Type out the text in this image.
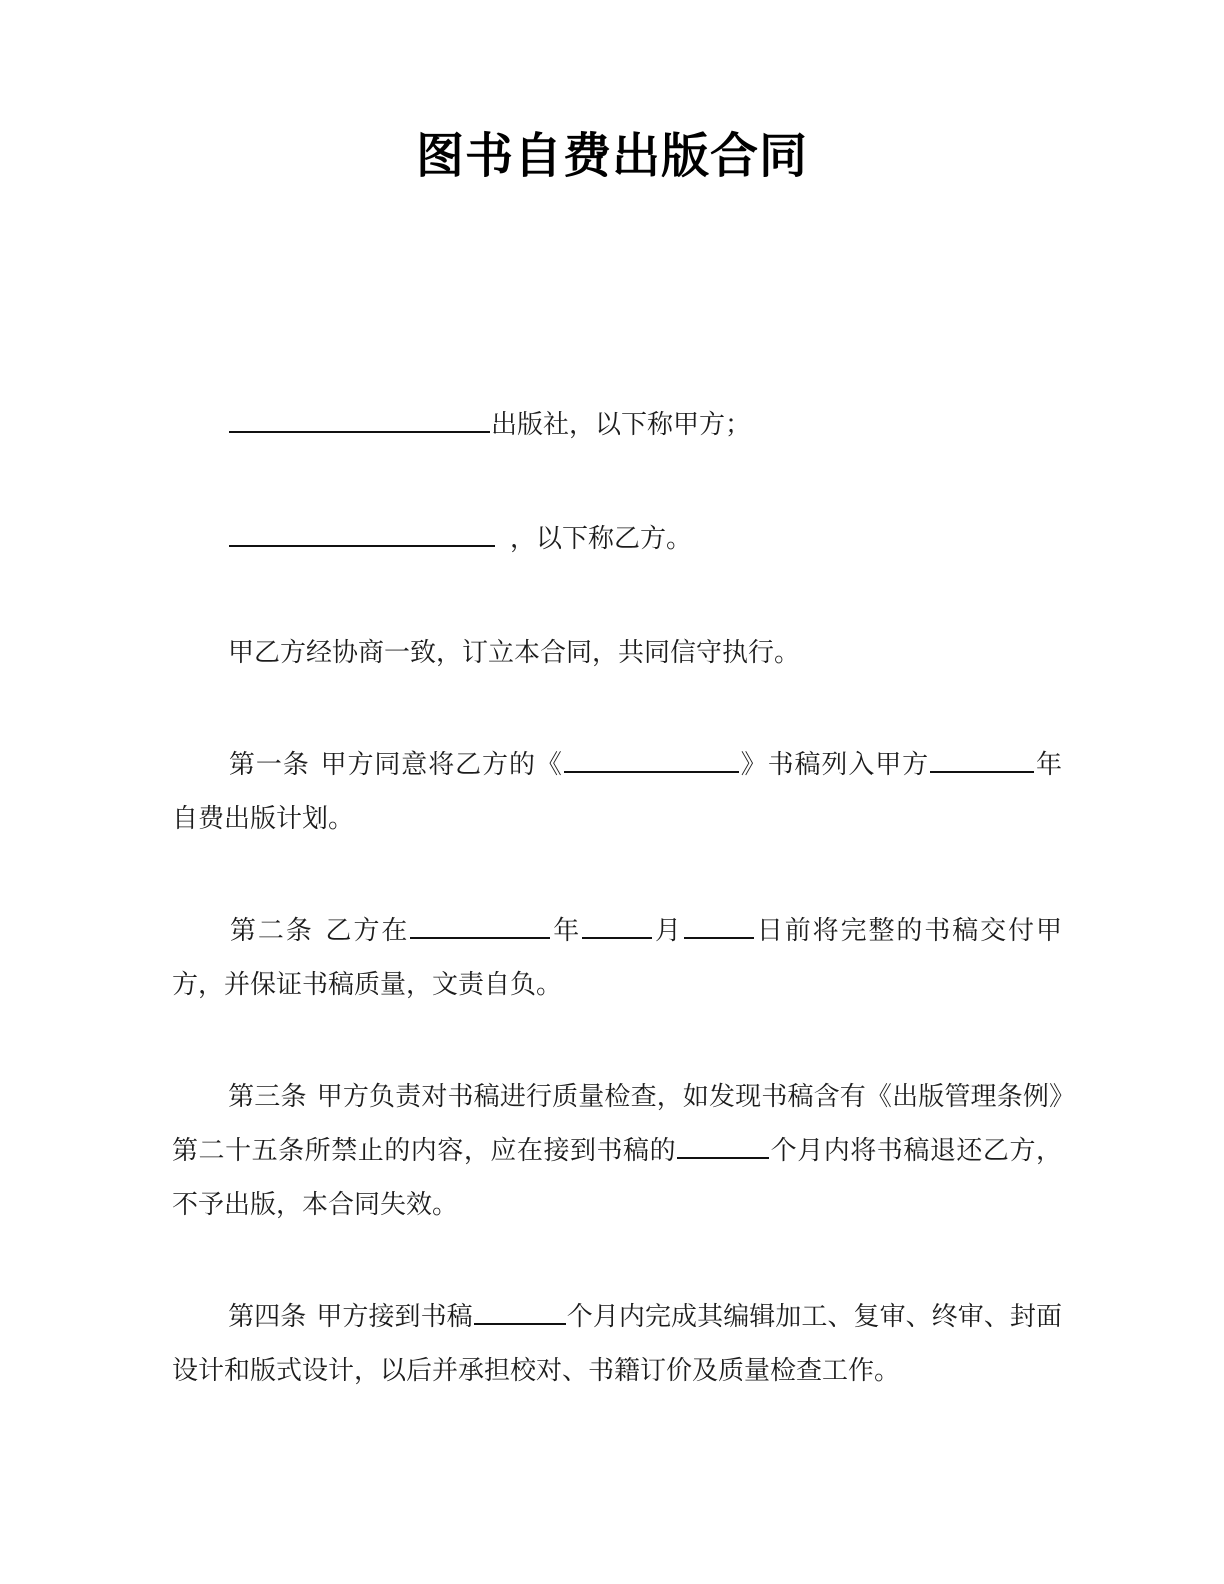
图书自费出版合同

出版社，以下称甲方；

，以下称乙方。

甲乙方经协商一致，订立本合同，共同信守执行。

第一条 甲方同意将乙方的《	》书稿列入甲方	年自费出版计划。

第二条 乙方在	年	月	日前将完整的书稿交付甲方，并保证书稿质量，文责自负。

第三条 甲方负责对书稿进行质量检查，如发现书稿含有《出版管理条例》第二十五条所禁止的内容，应在接到书稿的	个月内将书稿退还乙方，不予出版，本合同失效。

第四条 甲方接到书稿	个月内完成其编辑加工、复审、终审、封面设计和版式设计，以后并承担校对、书籍订价及质量检查工作。
